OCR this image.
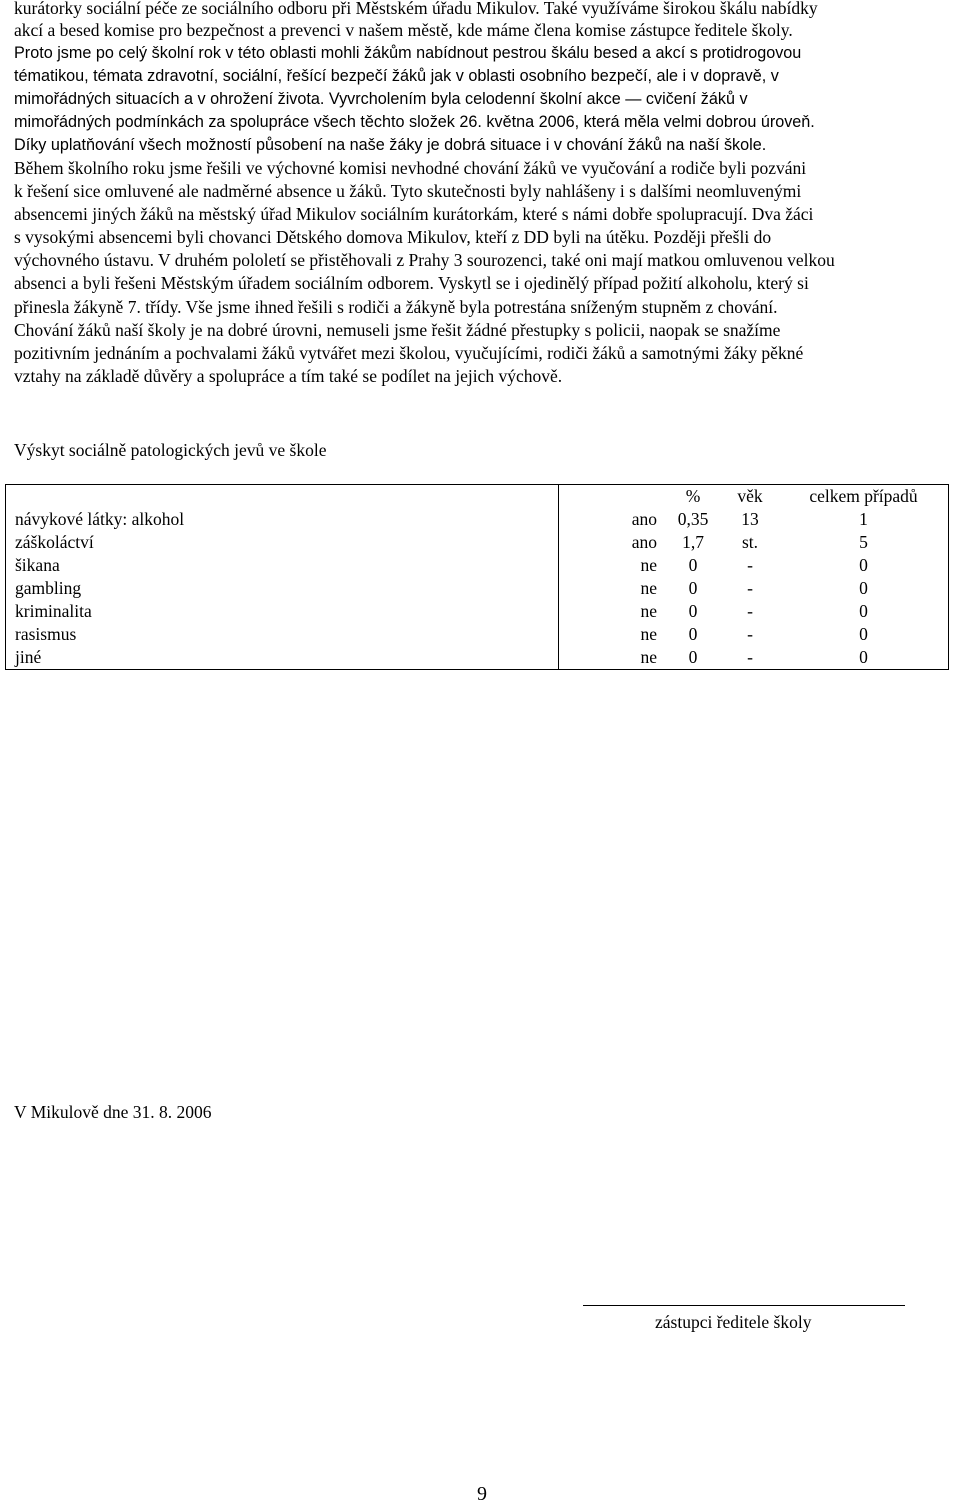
kurátorky sociální péče ze sociálního odboru při Městském úřadu Mikulov. Také využíváme širokou škálu nabídky
akcí a besed komise pro bezpečnost a prevenci v našem městě, kde máme člena komise zástupce ředitele školy.
Proto jsme po celý školní rok v této oblasti mohli žákům nabídnout pestrou škálu besed a akcí s protidrogovou
tématikou, témata zdravotní, sociální, řešící bezpečí žáků jak v oblasti osobního bezpečí, ale i v dopravě, v
mimořádných situacích a v ohrožení života. Vyvrcholením byla celodenní školní akce — cvičení žáků v
mimořádných podmínkách za spolupráce všech těchto složek 26. května 2006, která měla velmi dobrou úroveň.
Díky uplatňování všech možností působení na naše žáky je dobrá situace i v chování žáků na naší škole.
Během školního roku jsme řešili ve výchovné komisi nevhodné chování žáků ve vyučování a rodiče byli pozváni
k řešení sice omluvené ale nadměrné absence u žáků. Tyto skutečnosti byly nahlášeny i s dalšími neomluvenými
absencemi jiných žáků na městský úřad Mikulov sociálním kurátorkám, které s námi dobře spolupracují. Dva žáci
s vysokými absencemi byli chovanci Dětského domova Mikulov, kteří z DD byli na útěku. Později přešli do
výchovného ústavu. V druhém pololetí se přistěhovali z Prahy 3 sourozenci, také oni mají matkou omluvenou velkou
absenci a byli řešeni Městským úřadem sociálním odborem. Vyskytl se i ojedinělý případ požití alkoholu, který si
přinesla žákyně 7. třídy. Vše jsme ihned řešili s rodiči a žákyně byla potrestána sníženým stupněm z chování.
Chování žáků naší školy je na dobré úrovni, nemuseli jsme řešit žádné přestupky s policii, naopak se snažíme
pozitivním jednáním a pochvalami žáků vytvářet mezi školou, vyučujícími, rodiči žáků a samotnými žáky pěkné
vztahy na základě důvěry a spolupráce a tím také se podílet na jejich výchově.
Výskyt sociálně patologických jevů ve škole
		%	věk	celkem případů
návykové látky: alkohol	ano	0,35	13	1
záškoláctví	ano	1,7	st.	5
šikana	ne	0	-	0
gambling	ne	0	-	0
kriminalita	ne	0	-	0
rasismus	ne	0	-	0
jiné	ne	0	-	0
V Mikulově dne 31. 8. 2006
zástupci ředitele školy
9
